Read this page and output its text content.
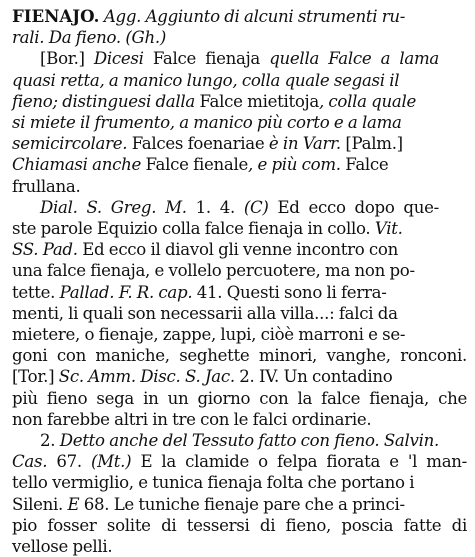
FIENAJO. Agg. Aggiunto di alcuni strumenti ru-
rali. Da fieno. (Gh.)
[Bor.] Dicesi Falce fienaja quella Falce a lama
quasi retta, a manico lungo, colla quale segasi il
fieno; distinguesi dalla Falce mietitoja, colla quale
si miete il frumento, a manico più corto e a lama
semicircolare. Falces foenariae è in Varr. [Palm.]
Chiamasi anche Falce fienale, e più com. Falce
frullana.
Dial. S. Greg. M. 1. 4. (C) Ed ecco dopo que-
ste parole Equizio colla falce fienaja in collo. Vit.
SS. Pad. Ed ecco il diavol gli venne incontro con
una falce fienaja, e vollelo percuotere, ma non po-
tette. Pallad. F. R. cap. 41. Questi sono li ferra-
menti, li quali son necessarii alla villa...: falci da
mietere, o fienaje, zappe, lupi, ciòè marroni e se-
goni con maniche, seghette minori, vanghe, ronconi.
[Tor.] Sc. Amm. Disc. S. Jac. 2. IV. Un contadino
più fieno sega in un giorno con la falce fienaja, che
non farebbe altri in tre con le falci ordinarie.
2. Detto anche del Tessuto fatto con fieno. Salvin.
Cas. 67. (Mt.) E la clamide o felpa fiorata e 'l man-
tello vermiglio, e tunica fienaja folta che portano i
Sileni. E 68. Le tuniche fienaje pare che a princi-
pio fosser solite di tessersi di fieno, poscia fatte di
vellose pelli.
